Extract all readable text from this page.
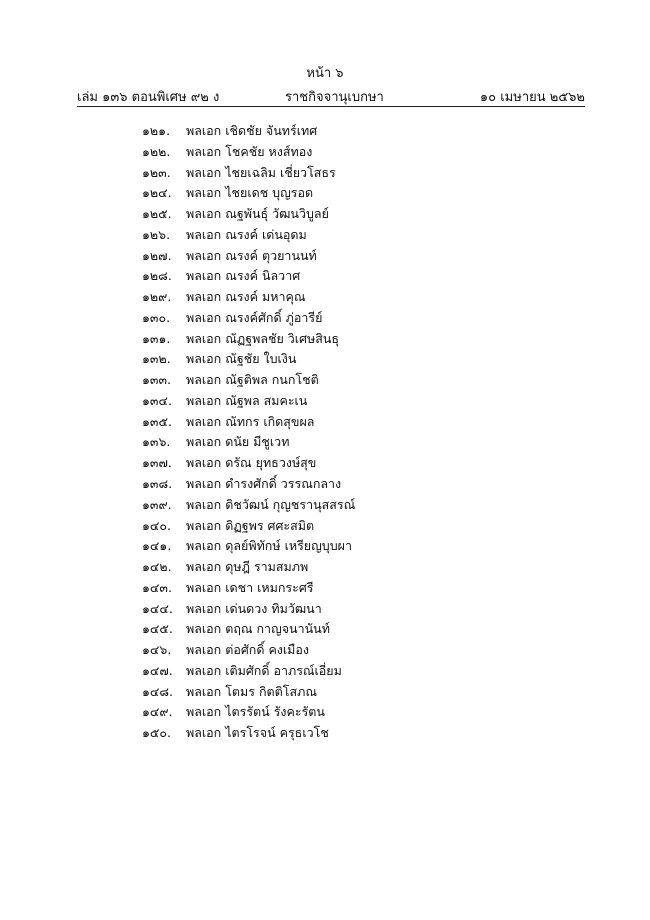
หน้า ๖
เล่ม ๑๓๖ ตอนพิเศษ ๙๒ ง	ราชกิจจานุเบกษา	๑๐ เมษายน ๒๕๖๒
๑๒๑. พลเอก เชิดชัย จันทร์เทศ
๑๒๒. พลเอก โชคชัย หงส์ทอง
๑๒๓. พลเอก ไชยเฉลิม เชี่ยวโสธร
๑๒๔. พลเอก ไชยเดช บุญรอด
๑๒๕. พลเอก ณฐพันธุ์ วัฒนวิบูลย์
๑๒๖. พลเอก ณรงค์ เด่นอุดม
๑๒๗. พลเอก ณรงค์ ตุวยานนท์
๑๒๘. พลเอก ณรงค์ นิลวาศ
๑๒๙. พลเอก ณรงค์ มหาคุณ
๑๓๐. พลเอก ณรงค์ศักดิ์ ภู่อารีย์
๑๓๑. พลเอก ณัฏฐพลชัย วิเศษสินธุ
๑๓๒. พลเอก ณัฐชัย ใบเงิน
๑๓๓. พลเอก ณัฐติพล กนกโชติ
๑๓๔. พลเอก ณัฐพล สมคะเน
๑๓๕. พลเอก ณัทกร เกิดสุขผล
๑๓๖. พลเอก ดนัย มีชูเวท
๑๓๗. พลเอก ดรัณ ยุทธวงษ์สุข
๑๓๘. พลเอก ดำรงศักดิ์ วรรณกลาง
๑๓๙. พลเอก ดิชวัฒน์ กุญชรานุสสรณ์
๑๔๐. พลเอก ดิฏฐพร ศศะสมิต
๑๔๑. พลเอก ดุลย์พิทักษ์ เหรียญบุบผา
๑๔๒. พลเอก ดุษฎี รามสมภพ
๑๔๓. พลเอก เดชา เหมกระศรี
๑๔๔. พลเอก เด่นดวง ทิมวัฒนา
๑๔๕. พลเอก ตฤณ กาญจนานันท์
๑๔๖. พลเอก ต่อศักดิ์ คงเมือง
๑๔๗. พลเอก เติมศักดิ์ อาภรณ์เอี่ยม
๑๔๘. พลเอก โตมร กิตติโสภณ
๑๔๙. พลเอก ไตรรัตน์ รังคะรัตน
๑๕๐. พลเอก ไตรโรจน์ ครุธเวโช
